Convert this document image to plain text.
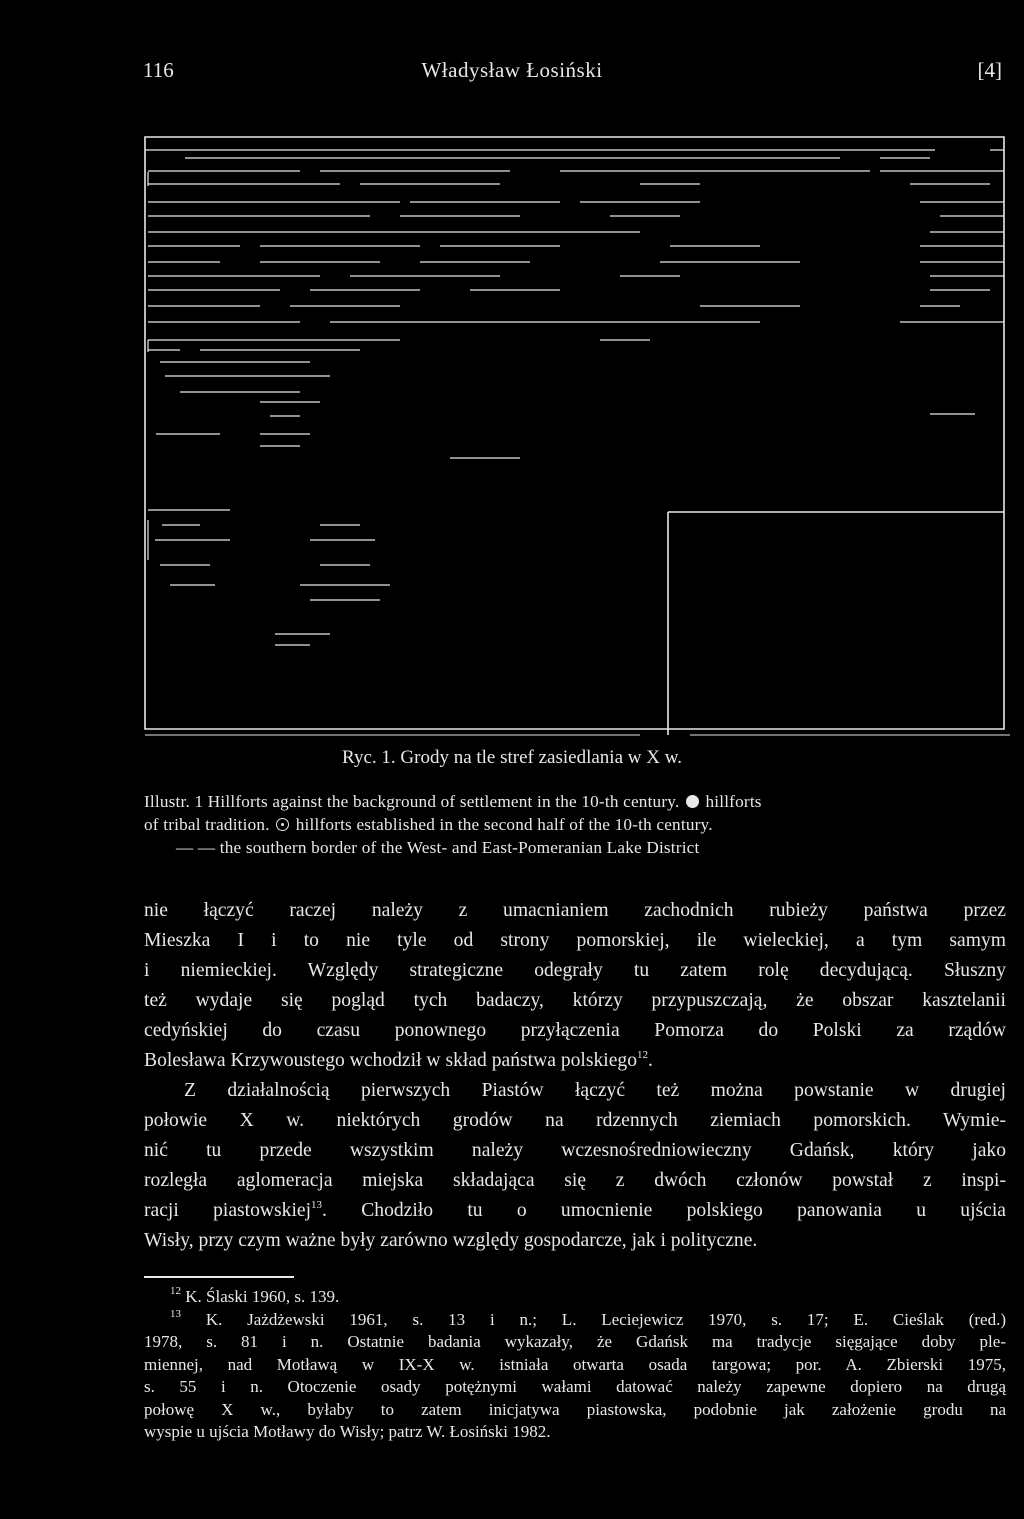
116	Władysław Łosiński	[4]
Ryc. 1. Grody na tle stref zasiedlania w X w.

Illustr. 1 Hillforts against the background of settlement in the 10-th century. hillforts

of tribal tradition. hillforts established in the second half of the 10-th century.

— — the southern border of the West- and East-Pomeranian Lake District

nie łączyć raczej należy z umacnianiem zachodnich rubieży państwa przez
Mieszka I i to nie tyle od strony pomorskiej, ile wieleckiej, a tym samym
i niemieckiej. Względy strategiczne odegrały tu zatem rolę decydującą. Słuszny
też wydaje się pogląd tych badaczy, którzy przypuszczają, że obszar kasztelanii
cedyńskiej do czasu ponownego przyłączenia Pomorza do Polski za rządów
Bolesława Krzywoustego wchodził w skład państwa polskiego$^{12}$.
Z działalnością pierwszych Piastów łączyć też można powstanie w drugiej
połowie X w. niektórych grodów na rdzennych ziemiach pomorskich. Wymie-
nić tu przede wszystkim należy wczesnośredniowieczny Gdańsk, który jako
rozległa aglomeracja miejska składająca się z dwóch członów powstał z inspi-
racji piastowskiej$^{13}$. Chodziło tu o umocnienie polskiego panowania u ujścia
Wisły, przy czym ważne były zarówno względy gospodarcze, jak i polityczne.
$^{12}$ K. Ślaski 1960, s. 139.
$^{13}$ K. Jażdżewski 1961, s. 13 i n.; L. Leciejewicz 1970, s. 17; E. Cieślak (red.)
1978, s. 81 i n. Ostatnie badania wykazały, że Gdańsk ma tradycje sięgające doby ple-
miennej, nad Motławą w IX-X w. istniała otwarta osada targowa; por. A. Zbierski 1975,
s. 55 i n. Otoczenie osady potężnymi wałami datować należy zapewne dopiero na drugą
połowę X w., byłaby to zatem inicjatywa piastowska, podobnie jak założenie grodu na
wyspie u ujścia Motławy do Wisły; patrz W. Łosiński 1982.
